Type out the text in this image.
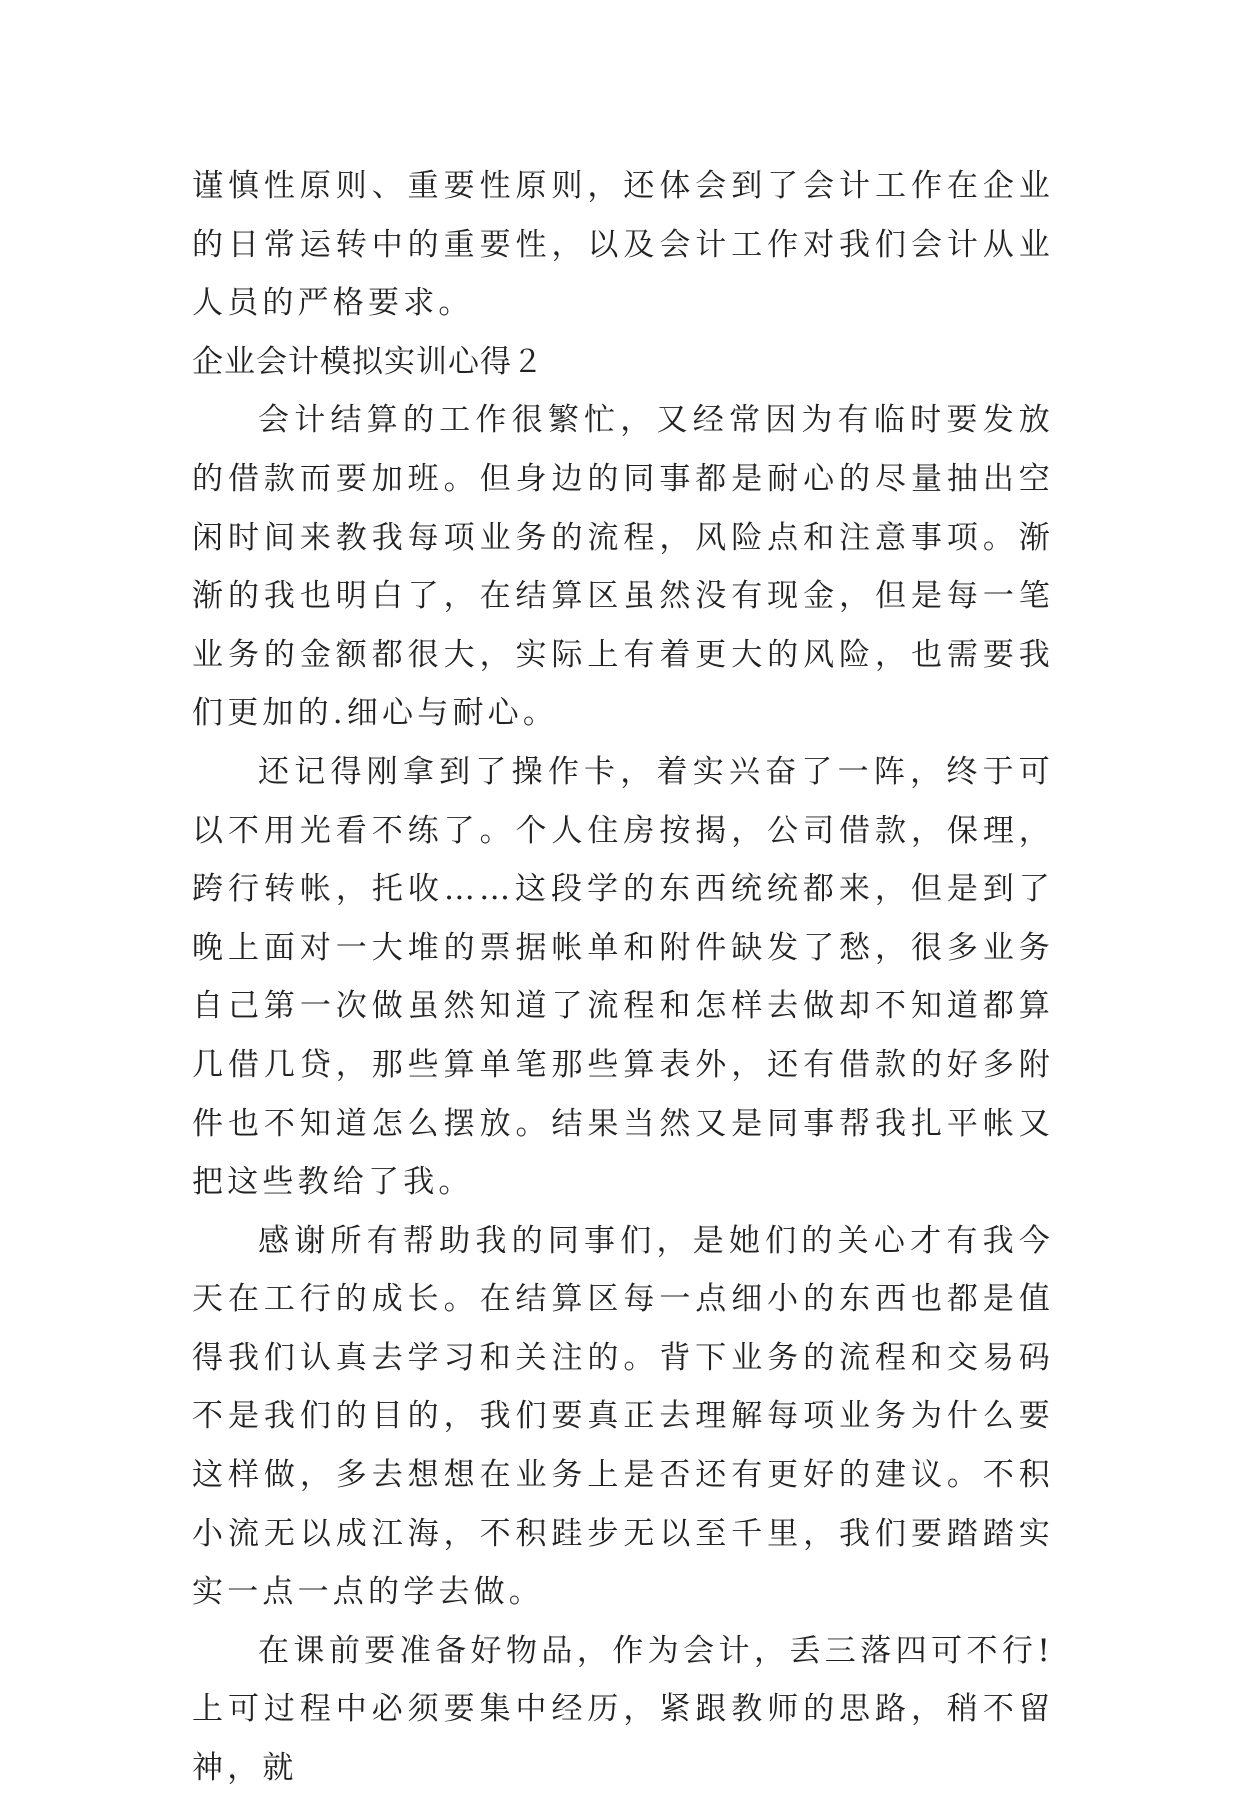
谨慎性原则、重要性原则，还体会到了会计工作在企业的日常运转中的重要性，以及会计工作对我们会计从业人员的严格要求。

企业会计模拟实训心得２

会计结算的工作很繁忙，又经常因为有临时要发放的借款而要加班。但身边的同事都是耐心的尽量抽出空闲时间来教我每项业务的流程，风险点和注意事项。渐渐的我也明白了，在结算区虽然没有现金，但是每一笔业务的金额都很大，实际上有着更大的风险，也需要我们更加的.细心与耐心。

还记得刚拿到了操作卡，着实兴奋了一阵，终于可以不用光看不练了。个人住房按揭，公司借款，保理，跨行转帐，托收……这段学的东西统统都来，但是到了晚上面对一大堆的票据帐单和附件缺发了愁，很多业务自己第一次做虽然知道了流程和怎样去做却不知道都算几借几贷，那些算单笔那些算表外，还有借款的好多附件也不知道怎么摆放。结果当然又是同事帮我扎平帐又把这些教给了我。

感谢所有帮助我的同事们，是她们的关心才有我今天在工行的成长。在结算区每一点细小的东西也都是值得我们认真去学习和关注的。背下业务的流程和交易码不是我们的目的，我们要真正去理解每项业务为什么要这样做，多去想想在业务上是否还有更好的建议。不积小流无以成江海，不积跬步无以至千里，我们要踏踏实实一点一点的学去做。

在课前要准备好物品，作为会计，丢三落四可不行!上可过程中必须要集中经历，紧跟教师的思路，稍不留神，就
